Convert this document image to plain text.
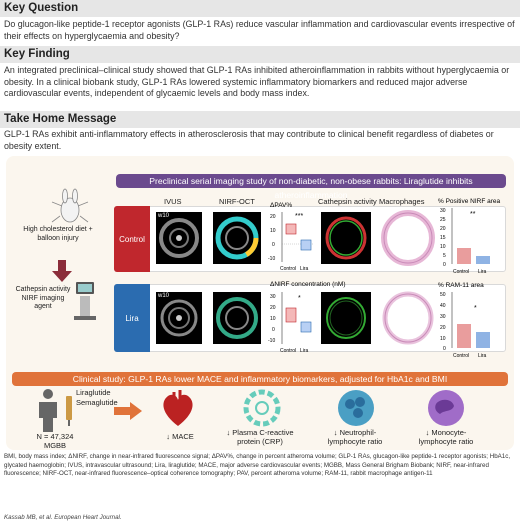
Key Question
Do glucagon-like peptide-1 receptor agonists (GLP-1 RAs) reduce vascular inflammation and cardiovascular events irrespective of their effects on hyperglycaemia and obesity?
Key Finding
An integrated preclinical–clinical study showed that GLP-1 RAs inhibited atheroinflammation in rabbits without hyperglycaemia or obesity. In a clinical biobank study, GLP-1 RAs lowered systemic inflammatory biomarkers and reduced major adverse cardiovascular events, independent of glycaemic levels and body mass index.
Take Home Message
GLP-1 RAs exhibit anti-inflammatory effects in atherosclerosis that may contribute to clinical benefit regardless of diabetes or obesity extent.
Preclinical serial imaging study of non-diabetic, non-obese rabbits: Liraglutide inhibits atheroinflammation
High cholesterol diet + balloon injury
Cathepsin activity NIRF imaging agent
IVUS	NIRF-OCT	Cathepsin activity Macrophages
Control
Lira
w10
w10
ΔPAV%
20
10
0
-10
***
Control Lira
ΔNIRF concentration (nM)
30
20
10
0
-10
*
Control Lira
% Positive NIRF area
30
25
20
15
10
5
0
**
Control Lira
% RAM-11 area
50
40
30
20
10
0
*
Control Lira
Clinical study: GLP-1 RAs lower MACE and inflammatory biomarkers, adjusted for HbA1c and BMI
Liraglutide
Semaglutide
N = 47,324
MGBB
↓ MACE	↓ Plasma C-reactive protein (CRP)
↓ Neutrophil-lymphocyte ratio
↓ Monocyte-lymphocyte ratio
BMI, body mass index; ΔNIRF, change in near-infrared fluorescence signal; ΔPAV%, change in percent atheroma volume; GLP-1 RAs, glucagon-like peptide-1 receptor agonists; HbA1c, glycated haemoglobin; IVUS, intravascular ultrasound; Lira, liraglutide; MACE, major adverse cardiovascular events; MGBB, Mass General Brigham Biobank; NIRF, near-infrared fluorescence; NIRF-OCT, near-infrared fluorescence–optical coherence tomography; PAV, percent atheroma volume; RAM-11, rabbit macrophage antigen-11
Kassab MB, et al. European Heart Journal.
